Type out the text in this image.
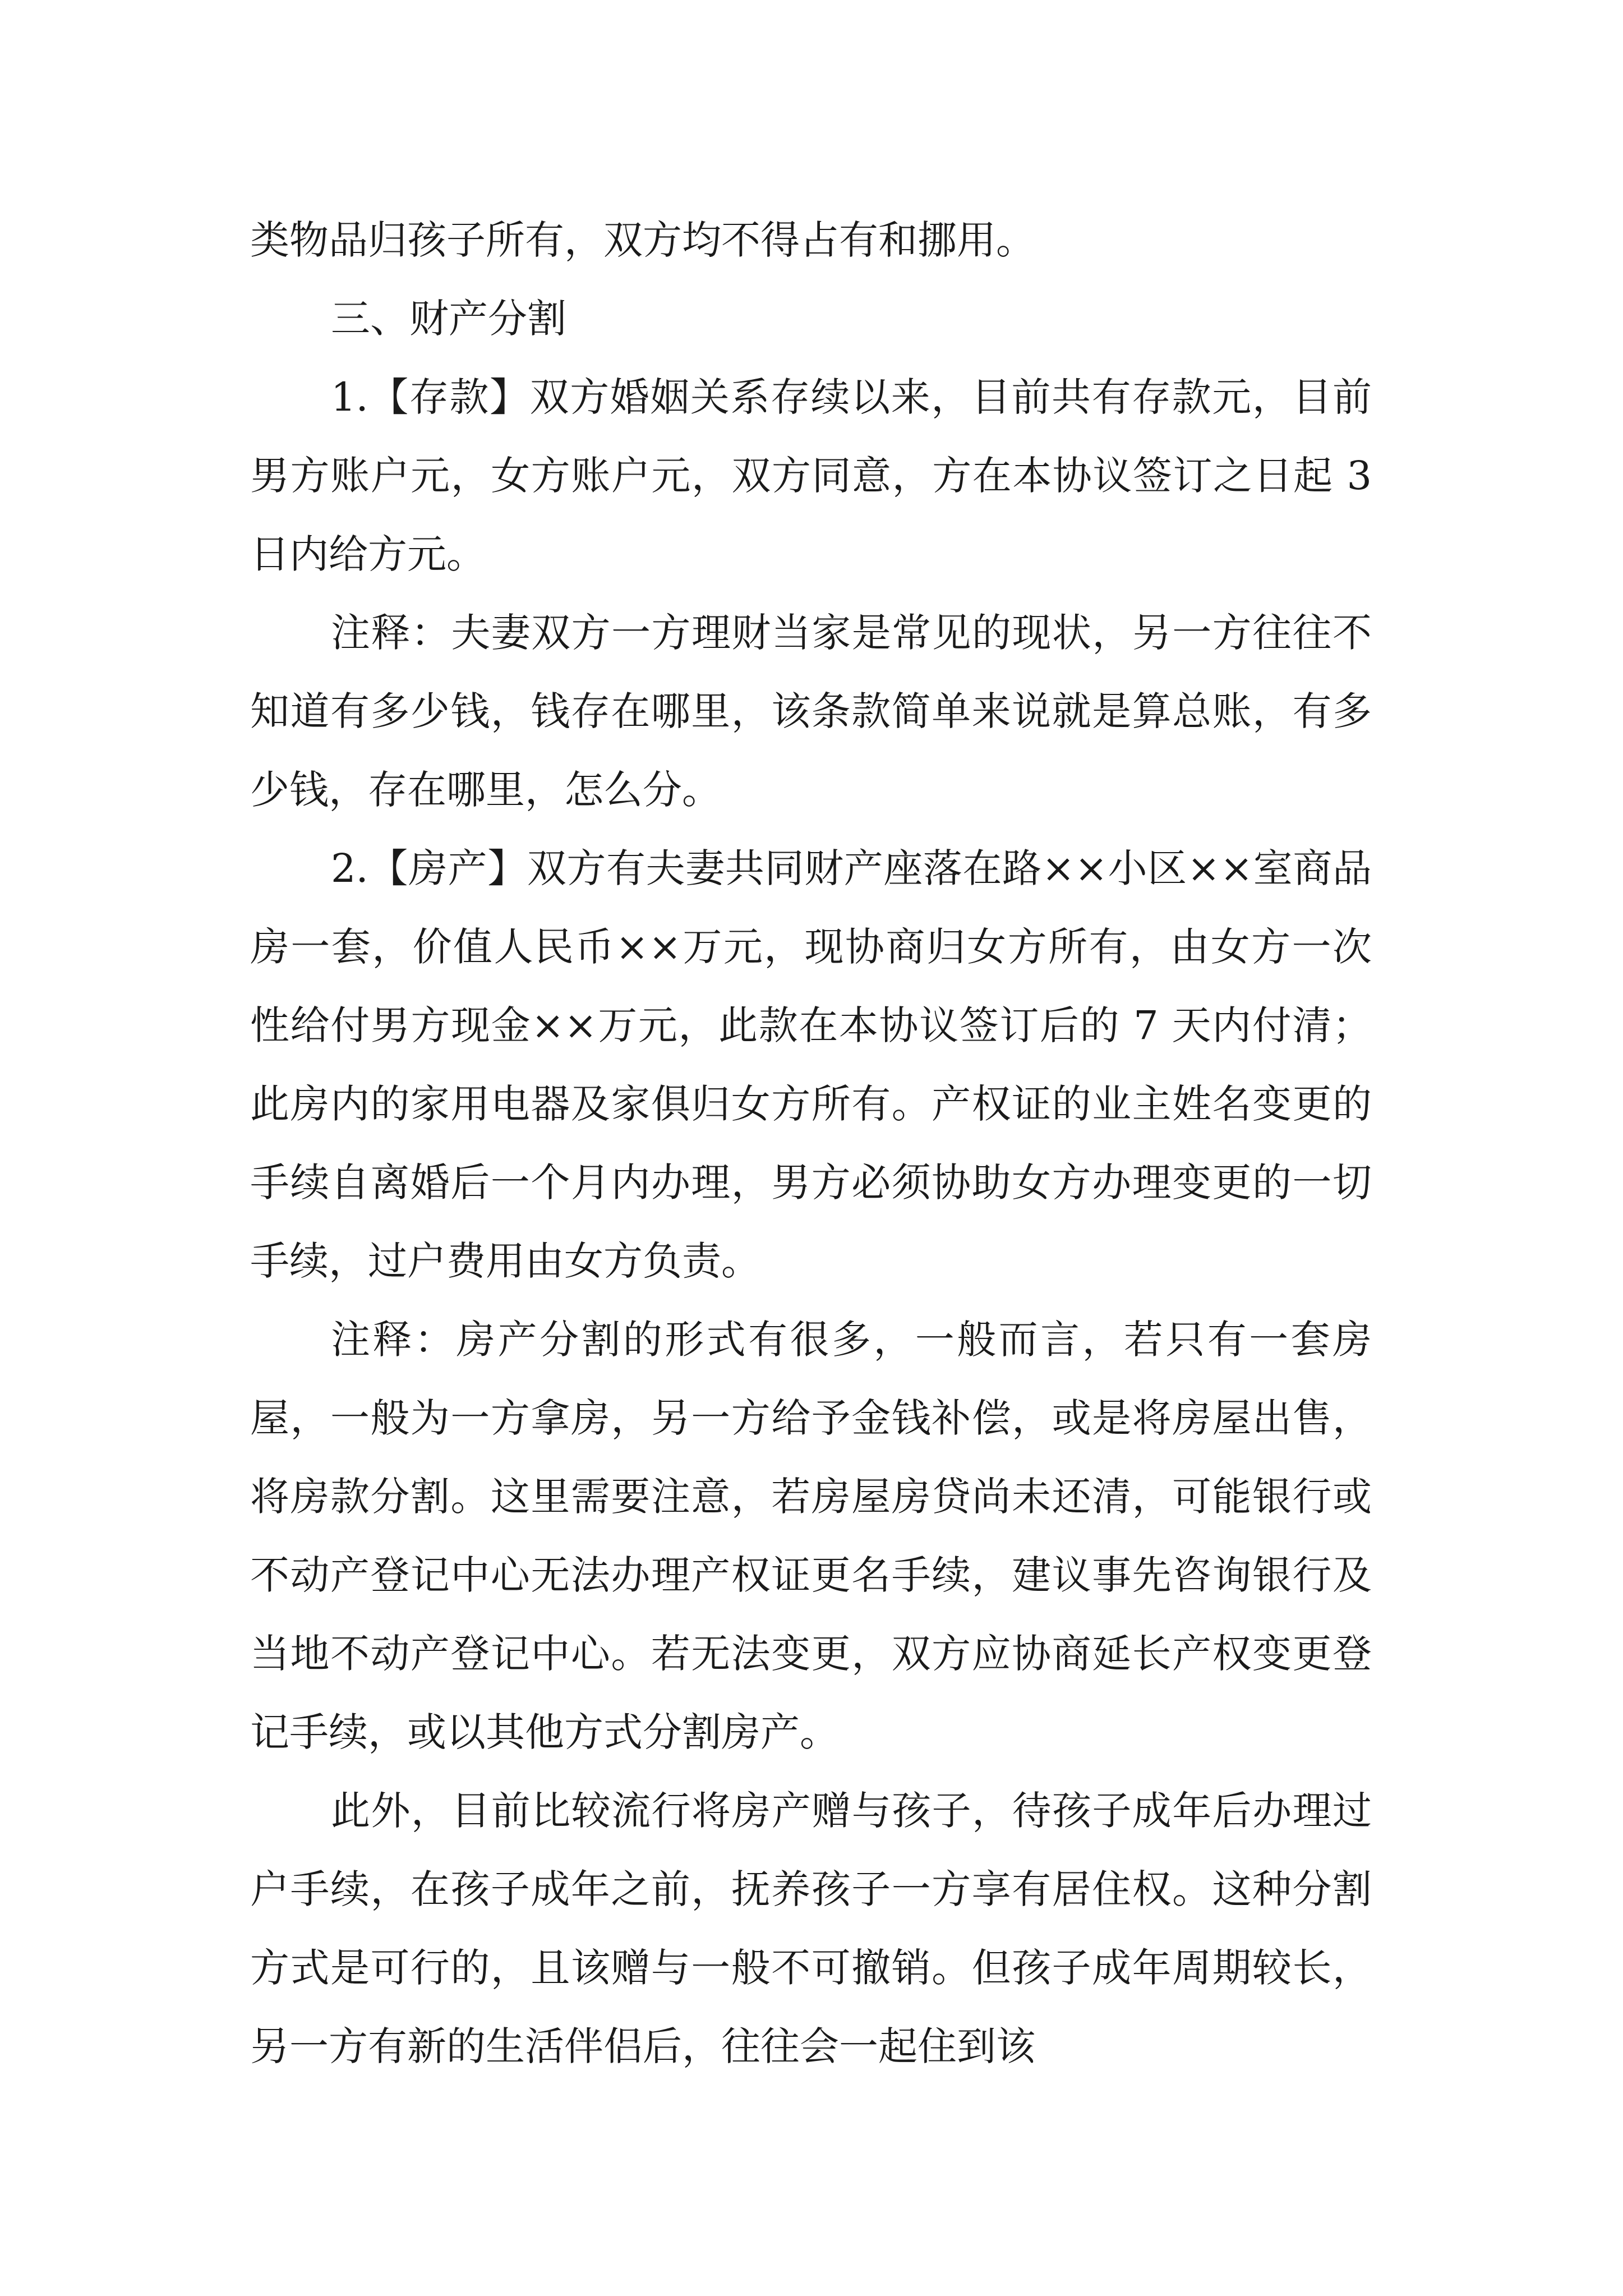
类物品归孩子所有，双方均不得占有和挪用。

三、财产分割

1.【存款】双方婚姻关系存续以来，目前共有存款元，目前男方账户元，女方账户元，双方同意，方在本协议签订之日起 3 日内给方元。

注释：夫妻双方一方理财当家是常见的现状，另一方往往不知道有多少钱，钱存在哪里，该条款简单来说就是算总账，有多少钱，存在哪里，怎么分。

2.【房产】双方有夫妻共同财产座落在路××小区××室商品房一套，价值人民币××万元，现协商归女方所有，由女方一次性给付男方现金××万元，此款在本协议签订后的 7 天内付清；此房内的家用电器及家俱归女方所有。产权证的业主姓名变更的手续自离婚后一个月内办理，男方必须协助女方办理变更的一切手续，过户费用由女方负责。

注释：房产分割的形式有很多，一般而言，若只有一套房屋，一般为一方拿房，另一方给予金钱补偿，或是将房屋出售，将房款分割。这里需要注意，若房屋房贷尚未还清，可能银行或不动产登记中心无法办理产权证更名手续，建议事先咨询银行及当地不动产登记中心。若无法变更，双方应协商延长产权变更登记手续，或以其他方式分割房产。

此外，目前比较流行将房产赠与孩子，待孩子成年后办理过户手续，在孩子成年之前，抚养孩子一方享有居住权。这种分割方式是可行的，且该赠与一般不可撤销。但孩子成年周期较长，另一方有新的生活伴侣后，往往会一起住到该
